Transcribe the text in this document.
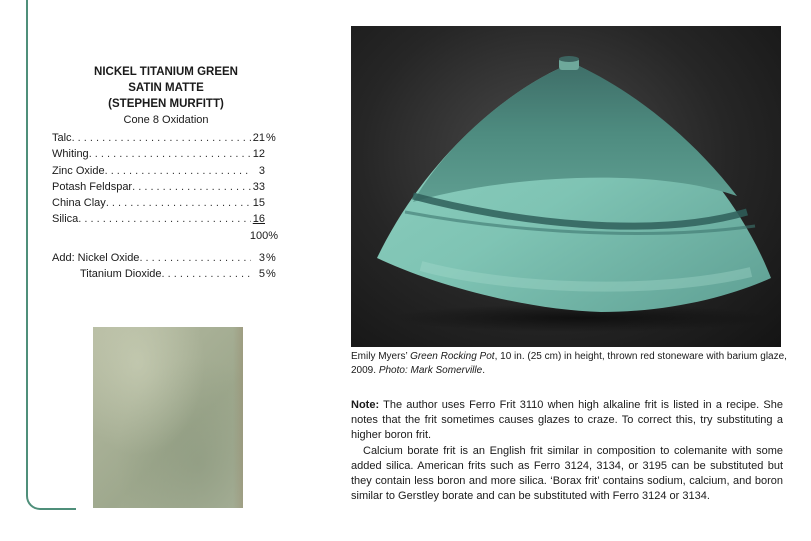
NICKEL TITANIUM GREEN
SATIN MATTE
(STEPHEN MURFITT)
Cone 8 Oxidation
Talc . . .	21 %
Whiting . . .	12
Zinc Oxide . . .	3
Potash Feldspar . . .	33
China Clay . . .	15
Silica . . .	16
100 %
Add: Nickel Oxide . . .	3 %
Titanium Dioxide . . .	5 %
Emily Myers’ Green Rocking Pot, 10 in. (25 cm) in height, thrown red stoneware with barium glaze, 2009. Photo: Mark Somerville.

Note: The author uses Ferro Frit 3110 when high alkaline frit is listed in a recipe. She notes that the frit sometimes causes glazes to craze. To correct this, try substituting a higher boron frit.

Calcium borate frit is an English frit similar in composition to colemanite with some added silica. American frits such as Ferro 3124, 3134, or 3195 can be substituted but they contain less boron and more silica. ‘Borax frit’ contains sodium, calcium, and boron similar to Gerstley borate and can be substituted with Ferro 3124 or 3134.
